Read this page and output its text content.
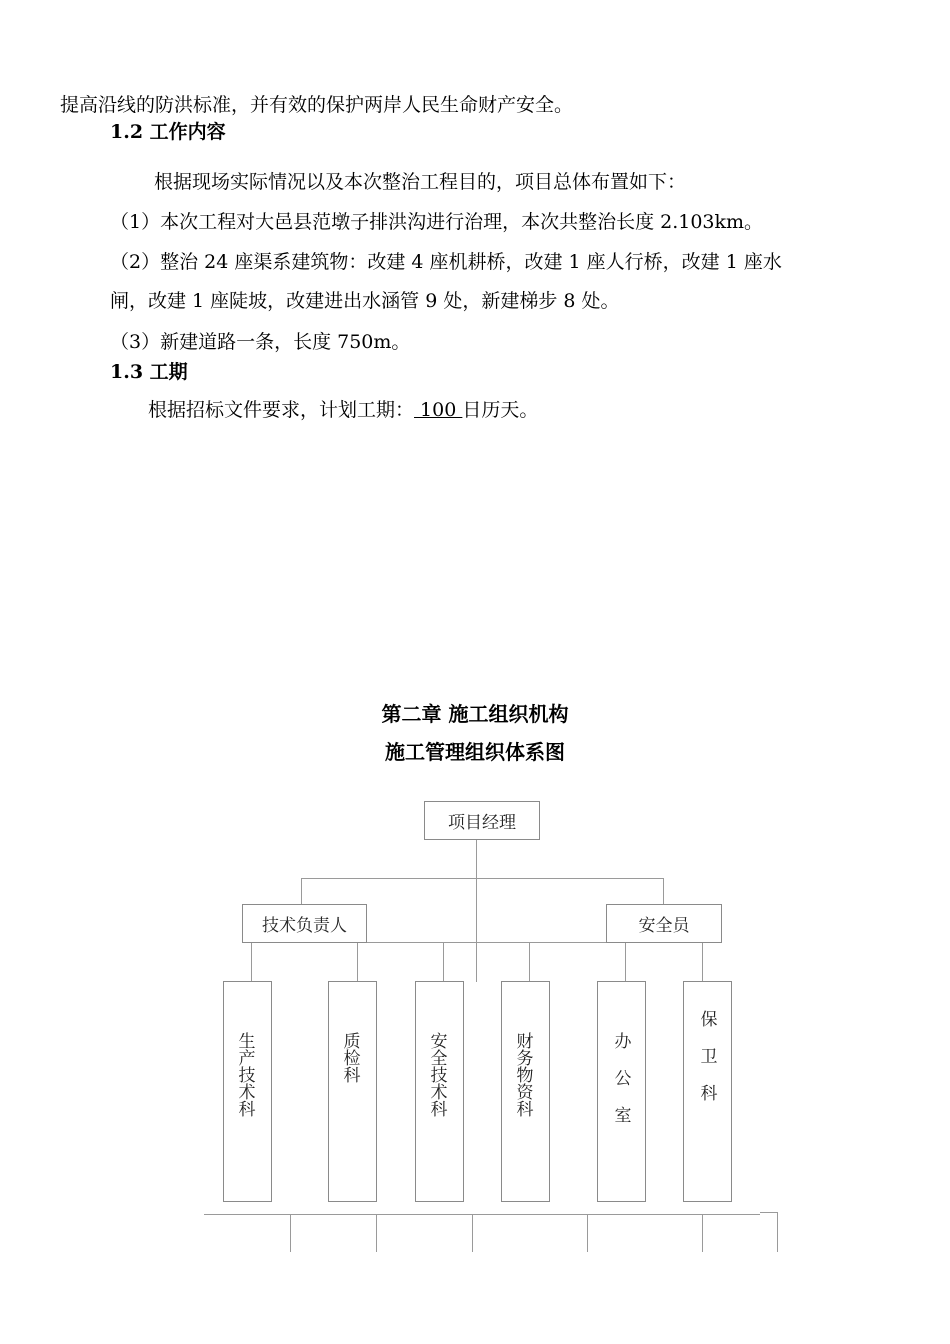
提高沿线的防洪标准，并有效的保护两岸人民生命财产安全。
1.2 工作内容
根据现场实际情况以及本次整治工程目的，项目总体布置如下：
（1）本次工程对大邑县范墩子排洪沟进行治理，本次共整治长度 2.103km。
（2）整治 24 座渠系建筑物：改建 4 座机耕桥，改建 1 座人行桥，改建 1 座水
闸，改建 1 座陡坡，改建进出水涵管 9 处，新建梯步 8 处。
（3）新建道路一条，长度 750m。
1.3 工期
根据招标文件要求，计划工期： 100 日历天。
第二章 施工组织机构
施工管理组织体系图
项目经理
技术负责人	安全员
生产技术科	质检科	安全技术科	财务物资科	办 公 室	保 卫 科
